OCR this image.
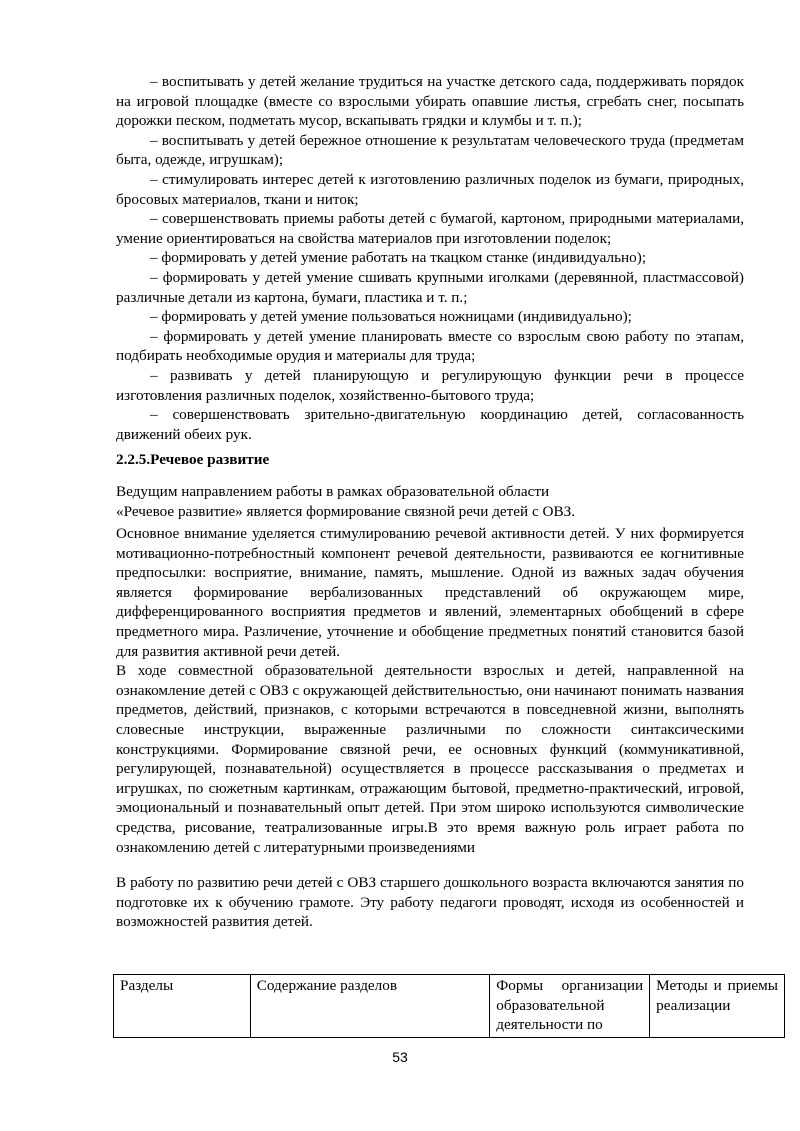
– воспитывать у детей желание трудиться на участке детского сада, поддерживать порядок на игровой площадке (вместе со взрослыми убирать опавшие листья, сгребать снег, посыпать дорожки песком, подметать мусор, вскапывать грядки и клумбы и т. п.);

– воспитывать у детей бережное отношение к результатам человеческого труда (предметам быта, одежде, игрушкам);

– стимулировать интерес детей к изготовлению различных поделок из бумаги, природных, бросовых материалов, ткани и ниток;

– совершенствовать приемы работы детей с бумагой, картоном, природными материалами, умение ориентироваться на свойства материалов при изготовлении поделок;

– формировать у детей умение работать на ткацком станке (индивидуально);

– формировать у детей умение сшивать крупными иголками (деревянной, пластмассовой) различные детали из картона, бумаги, пластика и т. п.;

– формировать у детей умение пользоваться ножницами (индивидуально);

– формировать у детей умение планировать вместе со взрослым свою работу по этапам, подбирать необходимые орудия и материалы для труда;

– развивать у детей планирующую и регулирующую функции речи в процессе изготовления различных поделок, хозяйственно-бытового труда;

– совершенствовать зрительно-двигательную координацию детей, согласованность движений обеих рук.

2.2.5.Речевое развитие

Ведущим направлением работы в рамках образовательной области

«Речевое развитие» является формирование связной речи детей с ОВЗ.

Основное внимание уделяется стимулированию речевой активности детей. У них формируется мотивационно-потребностный компонент речевой деятельности, развиваются ее когнитивные предпосылки: восприятие, внимание, память, мышление. Одной из важных задач обучения является формирование вербализованных представлений об окружающем мире, дифференцированного восприятия предметов и явлений, элементарных обобщений в сфере предметного мира. Различение, уточнение и обобщение предметных понятий становится базой для развития активной речи детей.

В ходе совместной образовательной деятельности взрослых и детей, направленной на ознакомление детей с ОВЗ с окружающей действительностью, они начинают понимать названия предметов, действий, признаков, с которыми встречаются в повседневной жизни, выполнять словесные инструкции, выраженные различными по сложности синтаксическими конструкциями. Формирование связной речи, ее основных функций (коммуникативной, регулирующей, познавательной) осуществляется в процессе рассказывания о предметах и игрушках, по сюжетным картинкам, отражающим бытовой, предметно-практический, игровой, эмоциональный и познавательный опыт детей. При этом широко используются символические средства, рисование, театрализованные игры.В это время важную роль играет работа по ознакомлению детей с литературными произведениями

В работу по развитию речи детей с ОВЗ старшего дошкольного возраста включаются занятия по подготовке их к обучению грамоте. Эту работу педагоги проводят, исходя из особенностей и возможностей развития детей.

Разделы	Содержание разделов	Формы организации образовательной деятельности по	Методы и приемы реализации
53
